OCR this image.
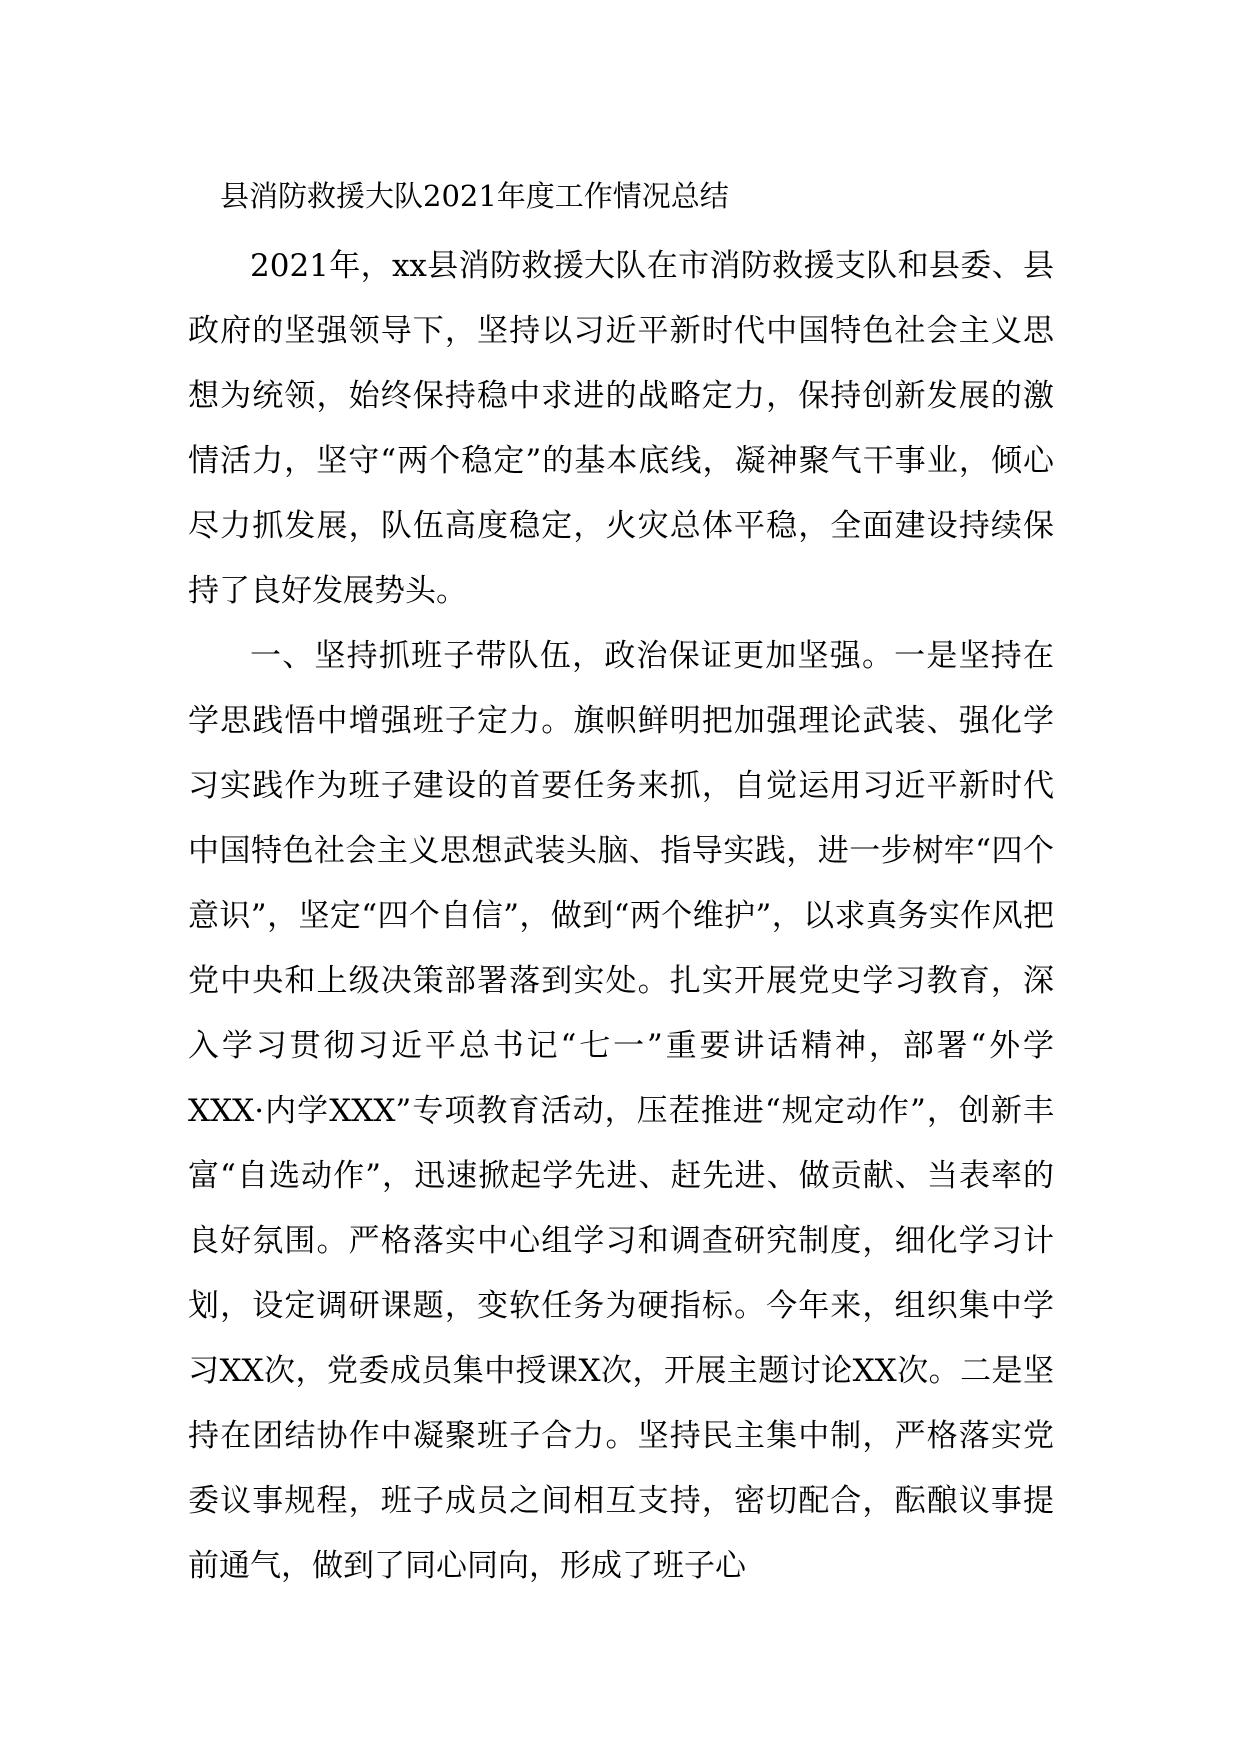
县消防救援大队2021年度工作情况总结

2021年，xx县消防救援大队在市消防救援支队和县委、县政府的坚强领导下，坚持以习近平新时代中国特色社会主义思想为统领，始终保持稳中求进的战略定力，保持创新发展的激情活力，坚守“两个稳定”的基本底线，凝神聚气干事业，倾心尽力抓发展，队伍高度稳定，火灾总体平稳，全面建设持续保持了良好发展势头。

一、坚持抓班子带队伍，政治保证更加坚强。一是坚持在学思践悟中增强班子定力。旗帜鲜明把加强理论武装、强化学习实践作为班子建设的首要任务来抓，自觉运用习近平新时代中国特色社会主义思想武装头脑、指导实践，进一步树牢“四个意识”，坚定“四个自信”，做到“两个维护”，以求真务实作风把党中央和上级决策部署落到实处。扎实开展党史学习教育，深入学习贯彻习近平总书记“七一”重要讲话精神，部署“外学XXX·内学XXX”专项教育活动，压茬推进“规定动作”，创新丰富“自选动作”，迅速掀起学先进、赶先进、做贡献、当表率的良好氛围。严格落实中心组学习和调查研究制度，细化学习计划，设定调研课题，变软任务为硬指标。今年来，组织集中学习XX次，党委成员集中授课X次，开展主题讨论XX次。二是坚持在团结协作中凝聚班子合力。坚持民主集中制，严格落实党委议事规程，班子成员之间相互支持，密切配合，酝酿议事提前通气，做到了同心同向，形成了班子心
